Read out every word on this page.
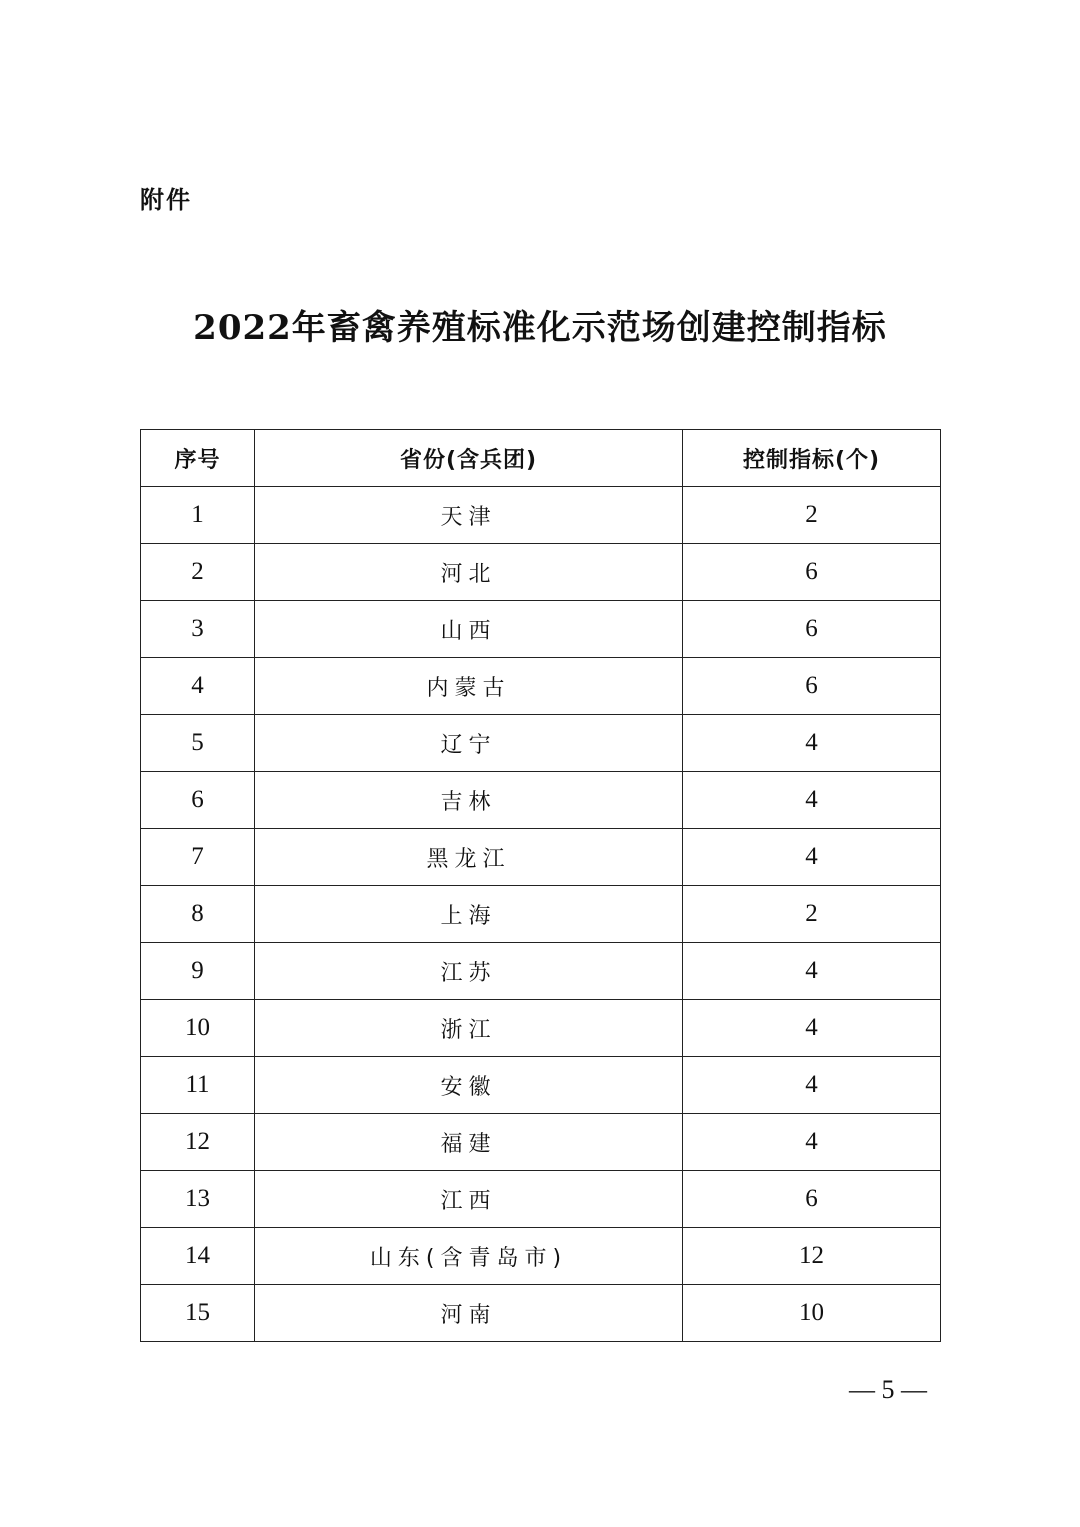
附件
2022年畜禽养殖标准化示范场创建控制指标
序号	省份(含兵团)	控制指标(个)
1	天津	2
2	河北	6
3	山西	6
4	内蒙古	6
5	辽宁	4
6	吉林	4
7	黑龙江	4
8	上海	2
9	江苏	4
10	浙江	4
11	安徽	4
12	福建	4
13	江西	6
14	山东(含青岛市)	12
15	河南	10
— 5 —
